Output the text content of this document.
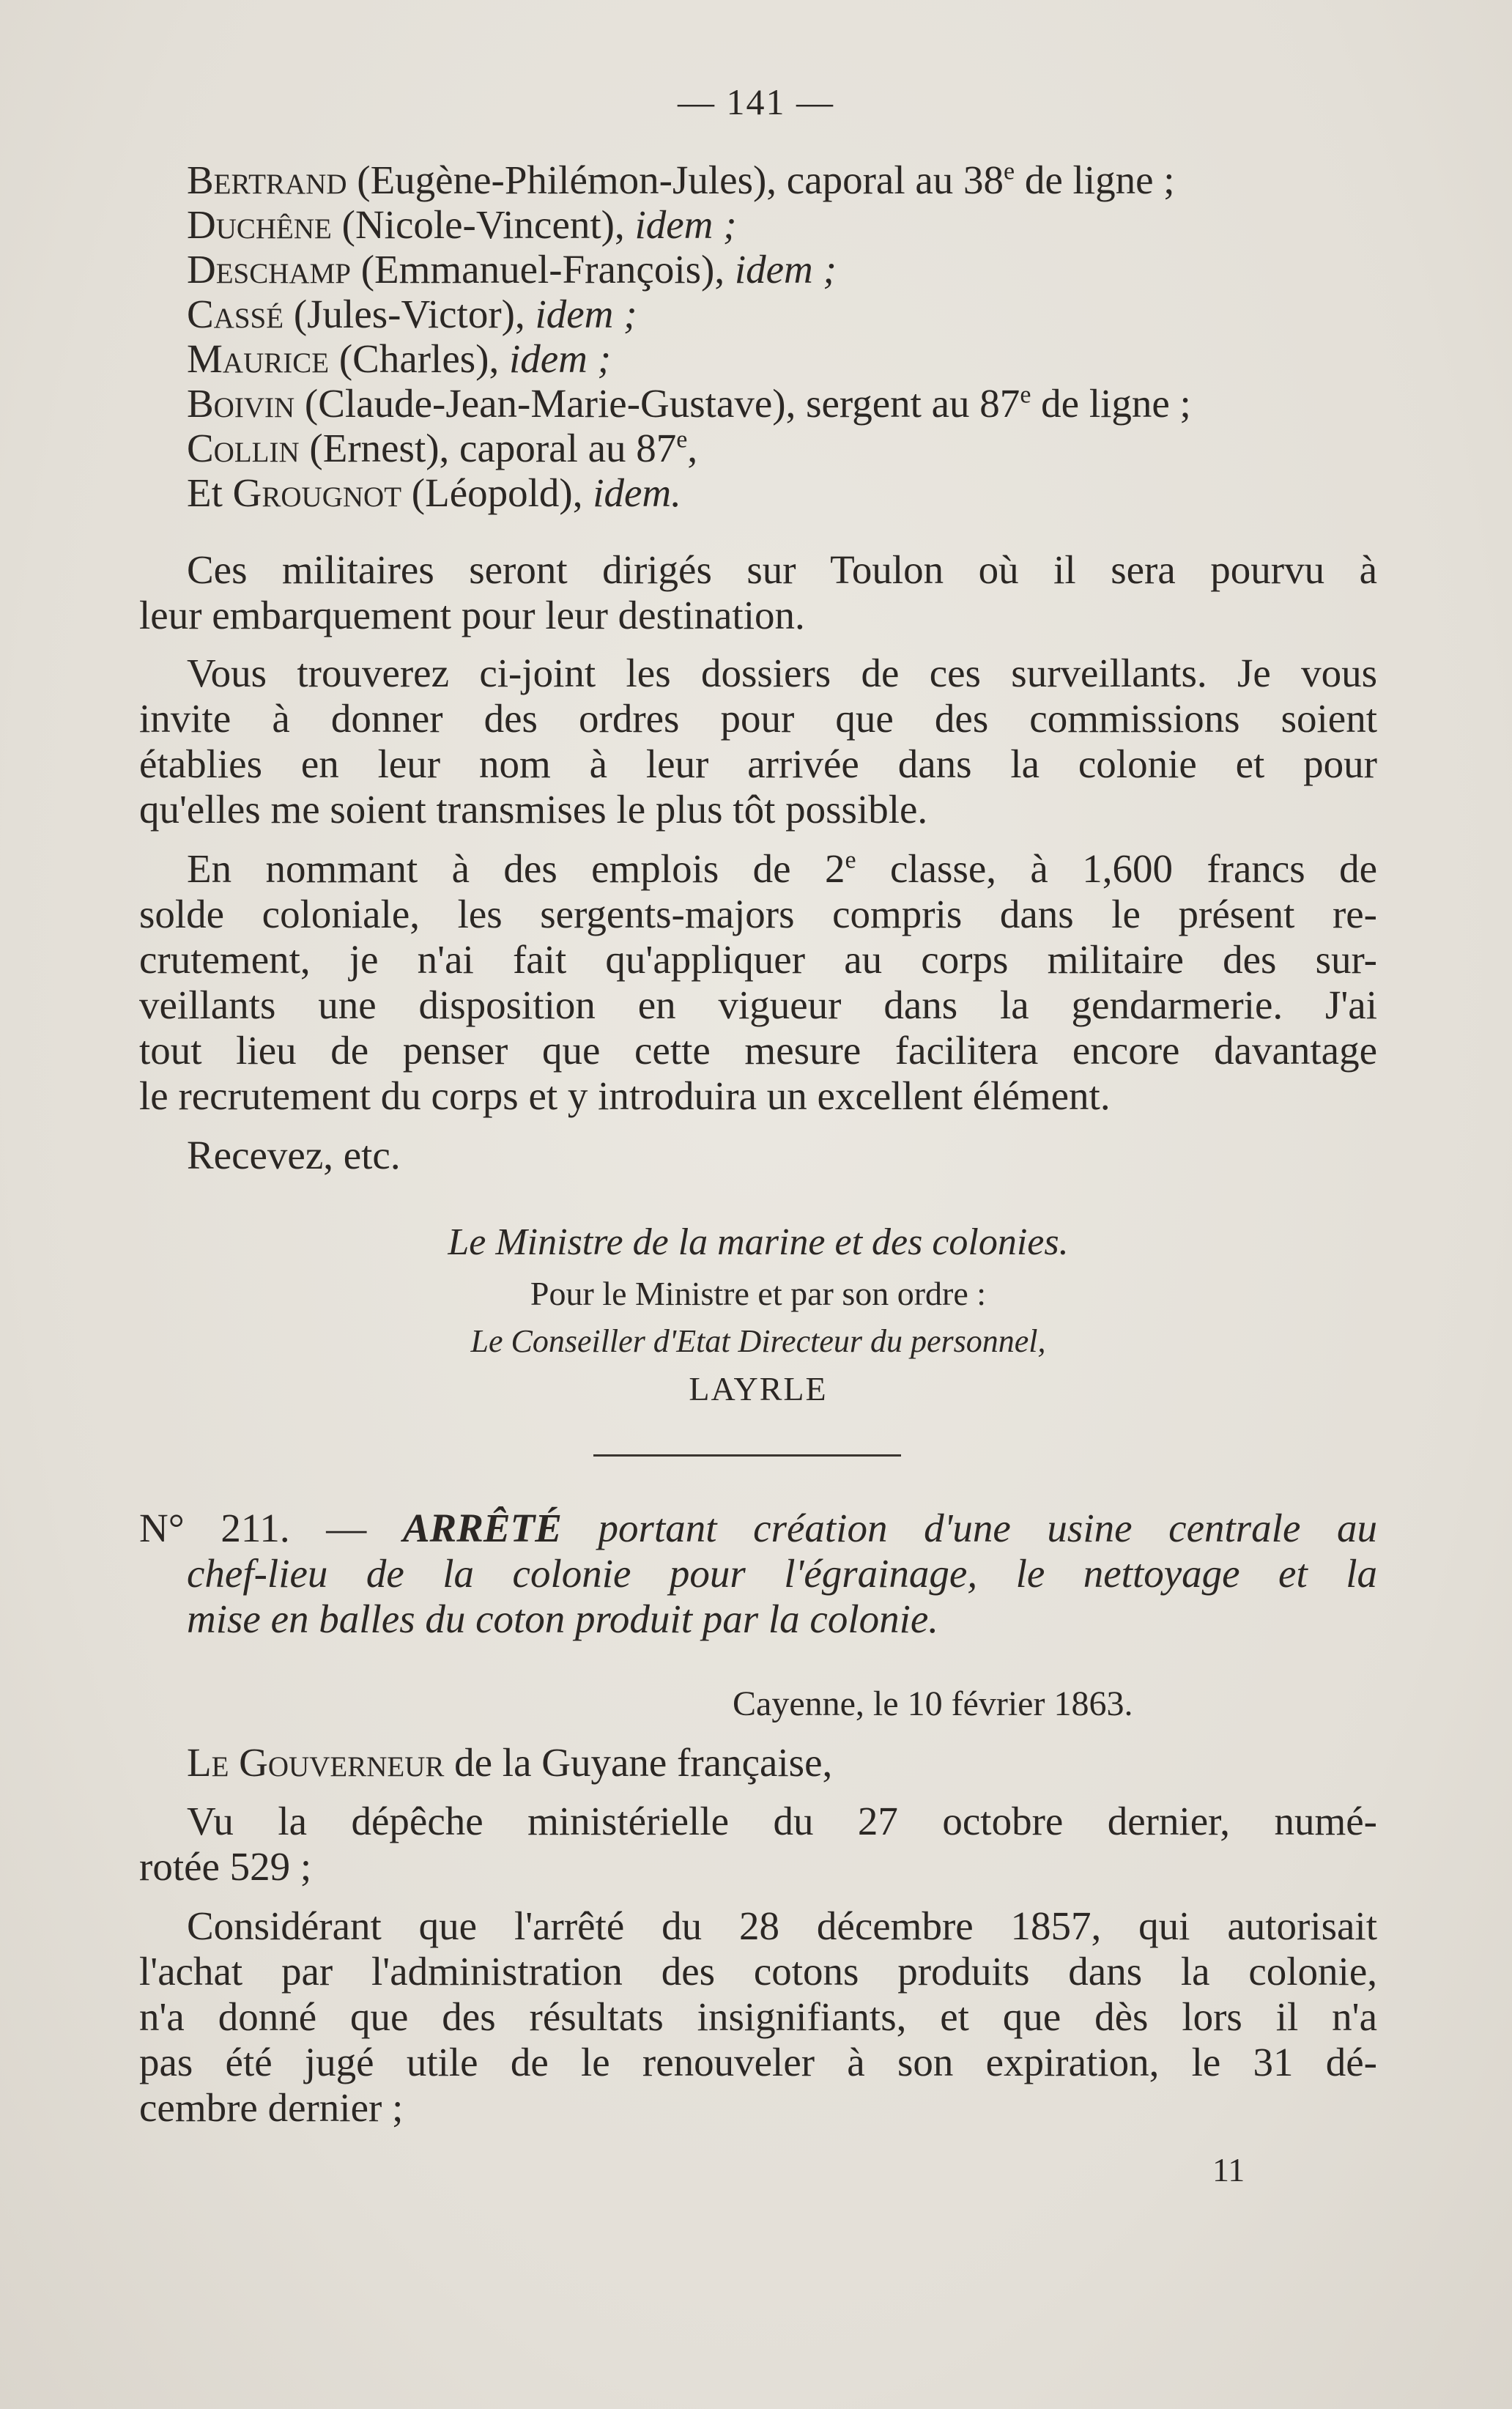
— 141 —
Bertrand (Eugène-Philémon-Jules), caporal au 38e de ligne ;
Duchêne (Nicole-Vincent), idem ;
Deschamp (Emmanuel-François), idem ;
Cassé (Jules-Victor), idem ;
Maurice (Charles), idem ;
Boivin (Claude-Jean-Marie-Gustave), sergent au 87e de ligne ;
Collin (Ernest), caporal au 87e,
Et Grougnot (Léopold), idem.
Ces militaires seront dirigés sur Toulon où il sera pourvu à
leur embarquement pour leur destination.
Vous trouverez ci-joint les dossiers de ces surveillants. Je vous
invite à donner des ordres pour que des commissions soient
établies en leur nom à leur arrivée dans la colonie et pour
qu'elles me soient transmises le plus tôt possible.
En nommant à des emplois de 2e classe, à 1,600 francs de
solde coloniale, les sergents-majors compris dans le présent re-
crutement, je n'ai fait qu'appliquer au corps militaire des sur-
veillants une disposition en vigueur dans la gendarmerie. J'ai
tout lieu de penser que cette mesure facilitera encore davantage
le recrutement du corps et y introduira un excellent élément.
Recevez, etc.
Le Ministre de la marine et des colonies.
Pour le Ministre et par son ordre :
Le Conseiller d'Etat Directeur du personnel,
LAYRLE
N° 211. — ARRÊTÉ portant création d'une usine centrale au
chef-lieu de la colonie pour l'égrainage, le nettoyage et la
mise en balles du coton produit par la colonie.
Cayenne, le 10 février 1863.
Le Gouverneur de la Guyane française,
Vu la dépêche ministérielle du 27 octobre dernier, numé-
rotée 529 ;
Considérant que l'arrêté du 28 décembre 1857, qui autorisait
l'achat par l'administration des cotons produits dans la colonie,
n'a donné que des résultats insignifiants, et que dès lors il n'a
pas été jugé utile de le renouveler à son expiration, le 31 dé-
cembre dernier ;
11
